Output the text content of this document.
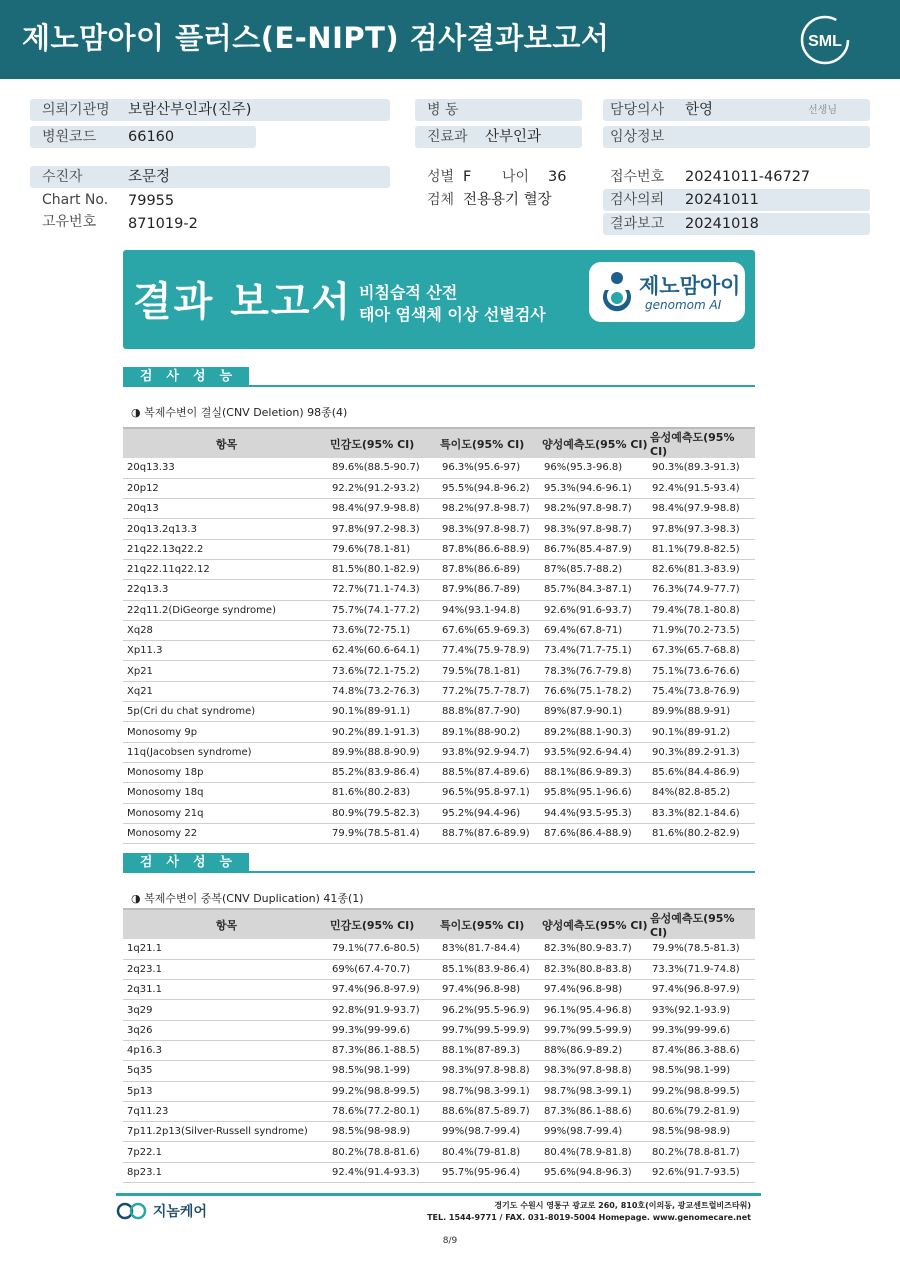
제노맘아이 플러스(E-NIPT) 검사결과보고서	SML
의뢰기관명 보람산부인과(진주)
병원코드 66160
병 동
진료과 산부인과
담당의사 한영	선생님
임상정보
수진자	조문정
Chart No. 79955
고유번호 871019-2
성별 F	나이 36
검체 전용용기 혈장
접수번호 20241011-46727
검사의뢰 20241011
결과보고 20241018
결과 보고서 비침습적 산전
태아 염색체 이상 선별검사
제노맘아이
genomom AI
검사성능
◑ 복제수변이 결실(CNV Deletion) 98종(4)
항목	민감도(95% CI)	특이도(95% CI)	양성예측도(95% CI)	음성예측도(95% CI)
20q13.33	89.6%(88.5-90.7)	96.3%(95.6-97)	96%(95.3-96.8)	90.3%(89.3-91.3)
20p12	92.2%(91.2-93.2)	95.5%(94.8-96.2)	95.3%(94.6-96.1)	92.4%(91.5-93.4)
20q13	98.4%(97.9-98.8)	98.2%(97.8-98.7)	98.2%(97.8-98.7)	98.4%(97.9-98.8)
20q13.2q13.3	97.8%(97.2-98.3)	98.3%(97.8-98.7)	98.3%(97.8-98.7)	97.8%(97.3-98.3)
21q22.13q22.2	79.6%(78.1-81)	87.8%(86.6-88.9)	86.7%(85.4-87.9)	81.1%(79.8-82.5)
21q22.11q22.12	81.5%(80.1-82.9)	87.8%(86.6-89)	87%(85.7-88.2)	82.6%(81.3-83.9)
22q13.3	72.7%(71.1-74.3)	87.9%(86.7-89)	85.7%(84.3-87.1)	76.3%(74.9-77.7)
22q11.2(DiGeorge syndrome)	75.7%(74.1-77.2)	94%(93.1-94.8)	92.6%(91.6-93.7)	79.4%(78.1-80.8)
Xq28	73.6%(72-75.1)	67.6%(65.9-69.3)	69.4%(67.8-71)	71.9%(70.2-73.5)
Xp11.3	62.4%(60.6-64.1)	77.4%(75.9-78.9)	73.4%(71.7-75.1)	67.3%(65.7-68.8)
Xp21	73.6%(72.1-75.2)	79.5%(78.1-81)	78.3%(76.7-79.8)	75.1%(73.6-76.6)
Xq21	74.8%(73.2-76.3)	77.2%(75.7-78.7)	76.6%(75.1-78.2)	75.4%(73.8-76.9)
5p(Cri du chat syndrome)	90.1%(89-91.1)	88.8%(87.7-90)	89%(87.9-90.1)	89.9%(88.9-91)
Monosomy 9p	90.2%(89.1-91.3)	89.1%(88-90.2)	89.2%(88.1-90.3)	90.1%(89-91.2)
11q(Jacobsen syndrome)	89.9%(88.8-90.9)	93.8%(92.9-94.7)	93.5%(92.6-94.4)	90.3%(89.2-91.3)
Monosomy 18p	85.2%(83.9-86.4)	88.5%(87.4-89.6)	88.1%(86.9-89.3)	85.6%(84.4-86.9)
Monosomy 18q	81.6%(80.2-83)	96.5%(95.8-97.1)	95.8%(95.1-96.6)	84%(82.8-85.2)
Monosomy 21q	80.9%(79.5-82.3)	95.2%(94.4-96)	94.4%(93.5-95.3)	83.3%(82.1-84.6)
Monosomy 22	79.9%(78.5-81.4)	88.7%(87.6-89.9)	87.6%(86.4-88.9)	81.6%(80.2-82.9)
검사성능
◑ 복제수변이 중복(CNV Duplication) 41종(1)
항목	민감도(95% CI)	특이도(95% CI)	양성예측도(95% CI)	음성예측도(95% CI)
1q21.1	79.1%(77.6-80.5)	83%(81.7-84.4)	82.3%(80.9-83.7)	79.9%(78.5-81.3)
2q23.1	69%(67.4-70.7)	85.1%(83.9-86.4)	82.3%(80.8-83.8)	73.3%(71.9-74.8)
2q31.1	97.4%(96.8-97.9)	97.4%(96.8-98)	97.4%(96.8-98)	97.4%(96.8-97.9)
3q29	92.8%(91.9-93.7)	96.2%(95.5-96.9)	96.1%(95.4-96.8)	93%(92.1-93.9)
3q26	99.3%(99-99.6)	99.7%(99.5-99.9)	99.7%(99.5-99.9)	99.3%(99-99.6)
4p16.3	87.3%(86.1-88.5)	88.1%(87-89.3)	88%(86.9-89.2)	87.4%(86.3-88.6)
5q35	98.5%(98.1-99)	98.3%(97.8-98.8)	98.3%(97.8-98.8)	98.5%(98.1-99)
5p13	99.2%(98.8-99.5)	98.7%(98.3-99.1)	98.7%(98.3-99.1)	99.2%(98.8-99.5)
7q11.23	78.6%(77.2-80.1)	88.6%(87.5-89.7)	87.3%(86.1-88.6)	80.6%(79.2-81.9)
7p11.2p13(Silver-Russell syndrome)	98.5%(98-98.9)	99%(98.7-99.4)	99%(98.7-99.4)	98.5%(98-98.9)
7p22.1	80.2%(78.8-81.6)	80.4%(79-81.8)	80.4%(78.9-81.8)	80.2%(78.8-81.7)
8p23.1	92.4%(91.4-93.3)	95.7%(95-96.4)	95.6%(94.8-96.3)	92.6%(91.7-93.5)
지놈케어	경기도 수원시 영통구 광교로 260, 810호(이의동, 광교센트럴비즈타워)
TEL. 1544-9771 / FAX. 031-8019-5004 Homepage. www.genomecare.net
8/9
